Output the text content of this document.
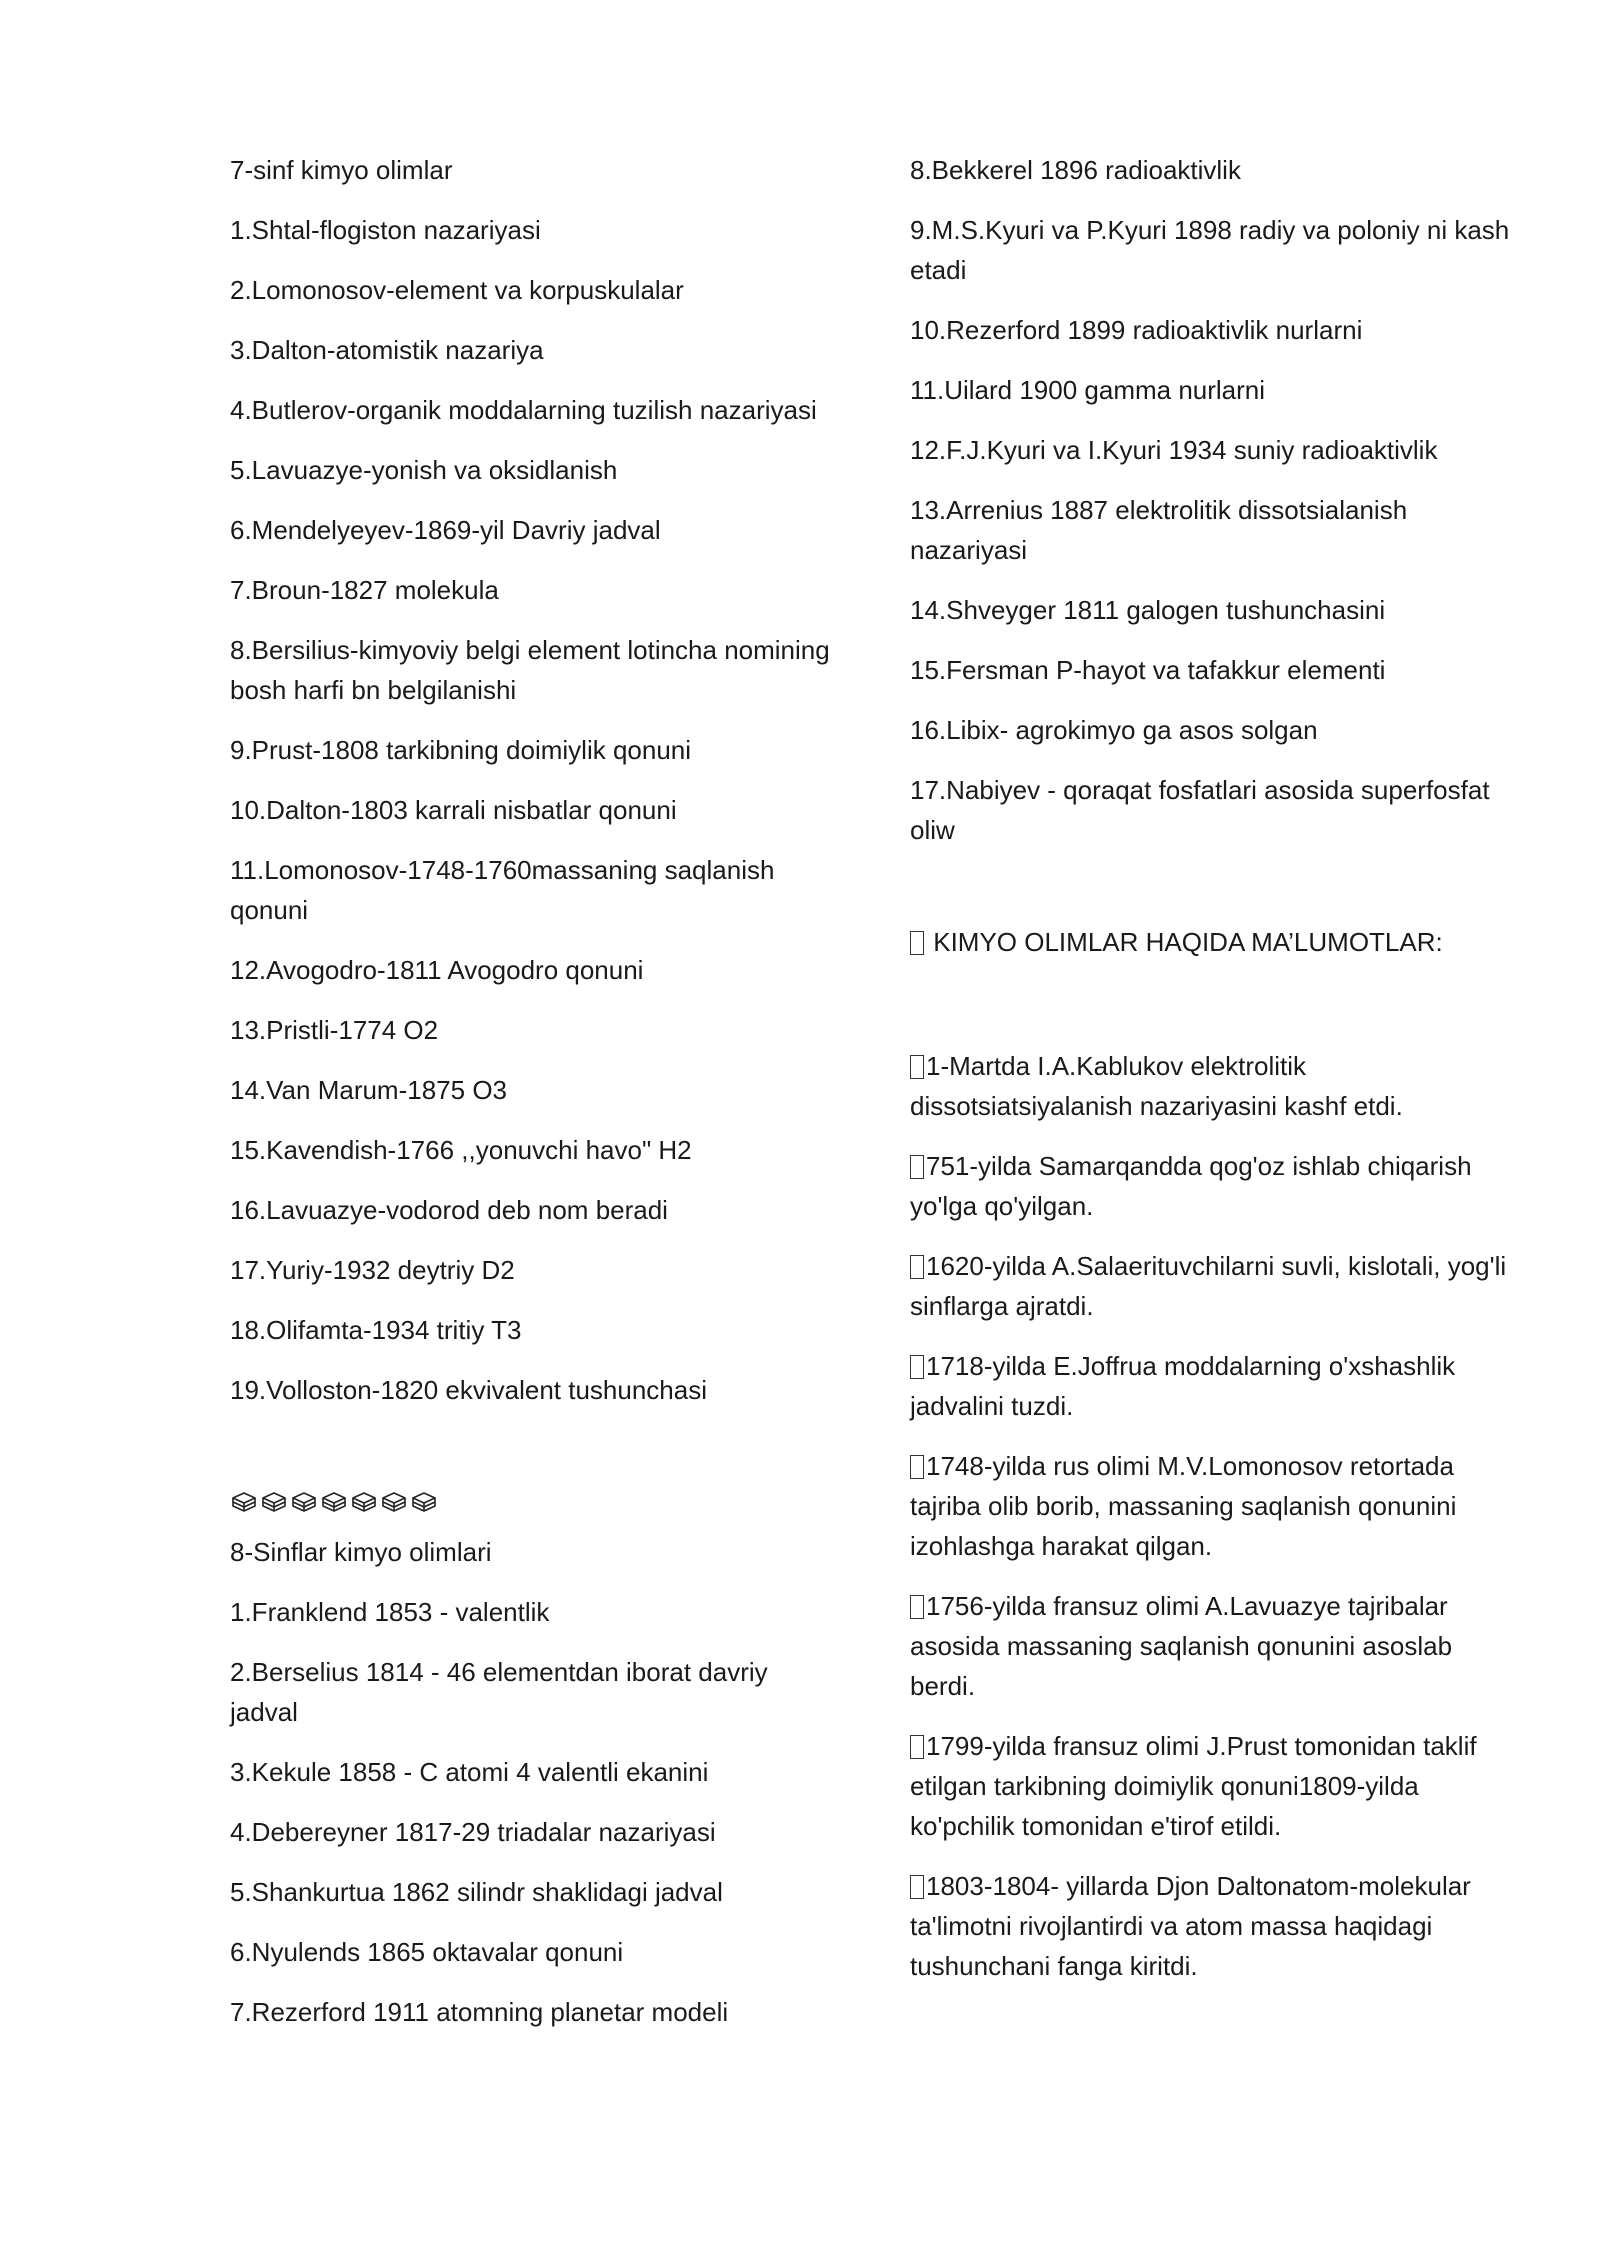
7-sinf kimyo olimlar

1.Shtal-flogiston nazariyasi

2.Lomonosov-element va korpuskulalar

3.Dalton-atomistik nazariya

4.Butlerov-organik moddalarning tuzilish nazariyasi

5.Lavuazye-yonish va oksidlanish

6.Mendelyeyev-1869-yil Davriy jadval

7.Broun-1827 molekula

8.Bersilius-kimyoviy belgi element lotincha nomining bosh harfi bn belgilanishi

9.Prust-1808 tarkibning doimiylik qonuni

10.Dalton-1803 karrali nisbatlar qonuni

11.Lomonosov-1748-1760massaning saqlanish qonuni

12.Avogodro-1811 Avogodro qonuni

13.Pristli-1774 O2

14.Van Marum-1875 O3

15.Kavendish-1766 ,,yonuvchi havo" H2

16.Lavuazye-vodorod deb nom beradi

17.Yuriy-1932 deytriy D2

18.Olifamta-1934 tritiy T3

19.Volloston-1820 ekvivalent tushunchasi

8-Sinflar kimyo olimlari

1.Franklend 1853 - valentlik

2.Berselius 1814 - 46 elementdan iborat davriy jadval

3.Kekule 1858 - C atomi 4 valentli ekanini

4.Debereyner 1817-29 triadalar nazariyasi

5.Shankurtua 1862 silindr shaklidagi jadval

6.Nyulends 1865 oktavalar qonuni

7.Rezerford 1911 atomning planetar modeli

8.Bekkerel 1896 radioaktivlik

9.M.S.Kyuri va P.Kyuri 1898 radiy va poloniy ni kash etadi

10.Rezerford 1899 radioaktivlik nurlarni

11.Uilard 1900 gamma nurlarni

12.F.J.Kyuri va I.Kyuri 1934 suniy radioaktivlik

13.Arrenius 1887 elektrolitik dissotsialanish nazariyasi

14.Shveyger 1811 galogen tushunchasini

15.Fersman P-hayot va tafakkur elementi

16.Libix- agrokimyo ga asos solgan

17.Nabiyev - qoraqat fosfatlari asosida superfosfat oliw

KIMYO OLIMLAR HAQIDA MA’LUMOTLAR:

1-Martda I.A.Kablukov elektrolitik dissotsiatsiyalanish nazariyasini kashf etdi.

751-yilda Samarqandda qog'oz ishlab chiqarish yo'lga qo'yilgan.

1620-yilda A.Salaerituvchilarni suvli, kislotali, yog'li sinflarga ajratdi.

1718-yilda E.Joffrua moddalarning o'xshashlik jadvalini tuzdi.

1748-yilda rus olimi M.V.Lomonosov retortada tajriba olib borib, massaning saqlanish qonunini izohlashga harakat qilgan.

1756-yilda fransuz olimi A.Lavuazye tajribalar asosida massaning saqlanish qonunini asoslab berdi.

1799-yilda fransuz olimi J.Prust tomonidan taklif etilgan tarkibning doimiylik qonuni1809-yilda ko'pchilik tomonidan e'tirof etildi.

1803-1804- yillarda Djon Daltonatom-molekular ta'limotni rivojlantirdi va atom massa haqidagi tushunchani fanga kiritdi.
